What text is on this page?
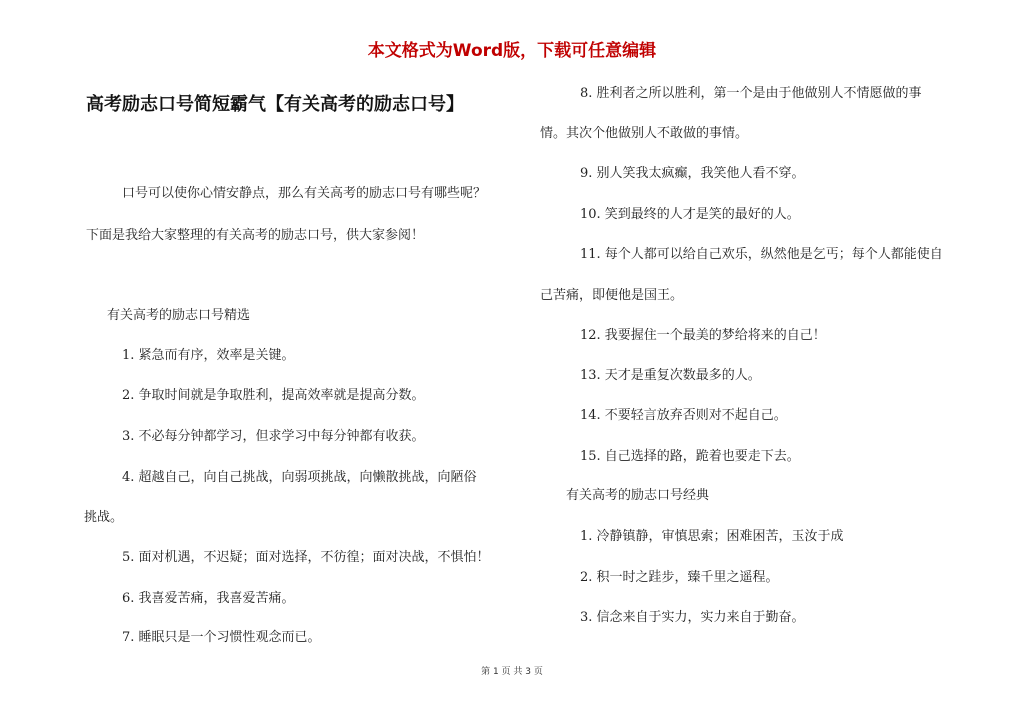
本文格式为Word版，下载可任意编辑
高考励志口号简短霸气【有关高考的励志口号】
口号可以使你心情安静点，那么有关高考的励志口号有哪些呢？
下面是我给大家整理的有关高考的励志口号，供大家参阅！
有关高考的励志口号精选
1. 紧急而有序，效率是关键。
2. 争取时间就是争取胜利，提高效率就是提高分数。
3. 不必每分钟都学习，但求学习中每分钟都有收获。
4. 超越自己，向自己挑战，向弱项挑战，向懒散挑战，向陋俗
挑战。
5. 面对机遇，不迟疑；面对选择，不彷徨；面对决战，不惧怕！
6. 我喜爱苦痛，我喜爱苦痛。
7. 睡眠只是一个习惯性观念而已。
8. 胜利者之所以胜利，第一个是由于他做别人不情愿做的事
情。其次个他做别人不敢做的事情。
9. 别人笑我太疯癫，我笑他人看不穿。
10. 笑到最终的人才是笑的最好的人。
11. 每个人都可以给自己欢乐，纵然他是乞丐；每个人都能使自
己苦痛，即便他是国王。
12. 我要握住一个最美的梦给将来的自己！
13. 天才是重复次数最多的人。
14. 不要轻言放弃否则对不起自己。
15. 自己选择的路，跪着也要走下去。
有关高考的励志口号经典
1. 冷静镇静，审慎思索；困难困苦，玉汝于成
2. 积一时之跬步，臻千里之遥程。
3. 信念来自于实力，实力来自于勤奋。
第 1 页 共 3 页
